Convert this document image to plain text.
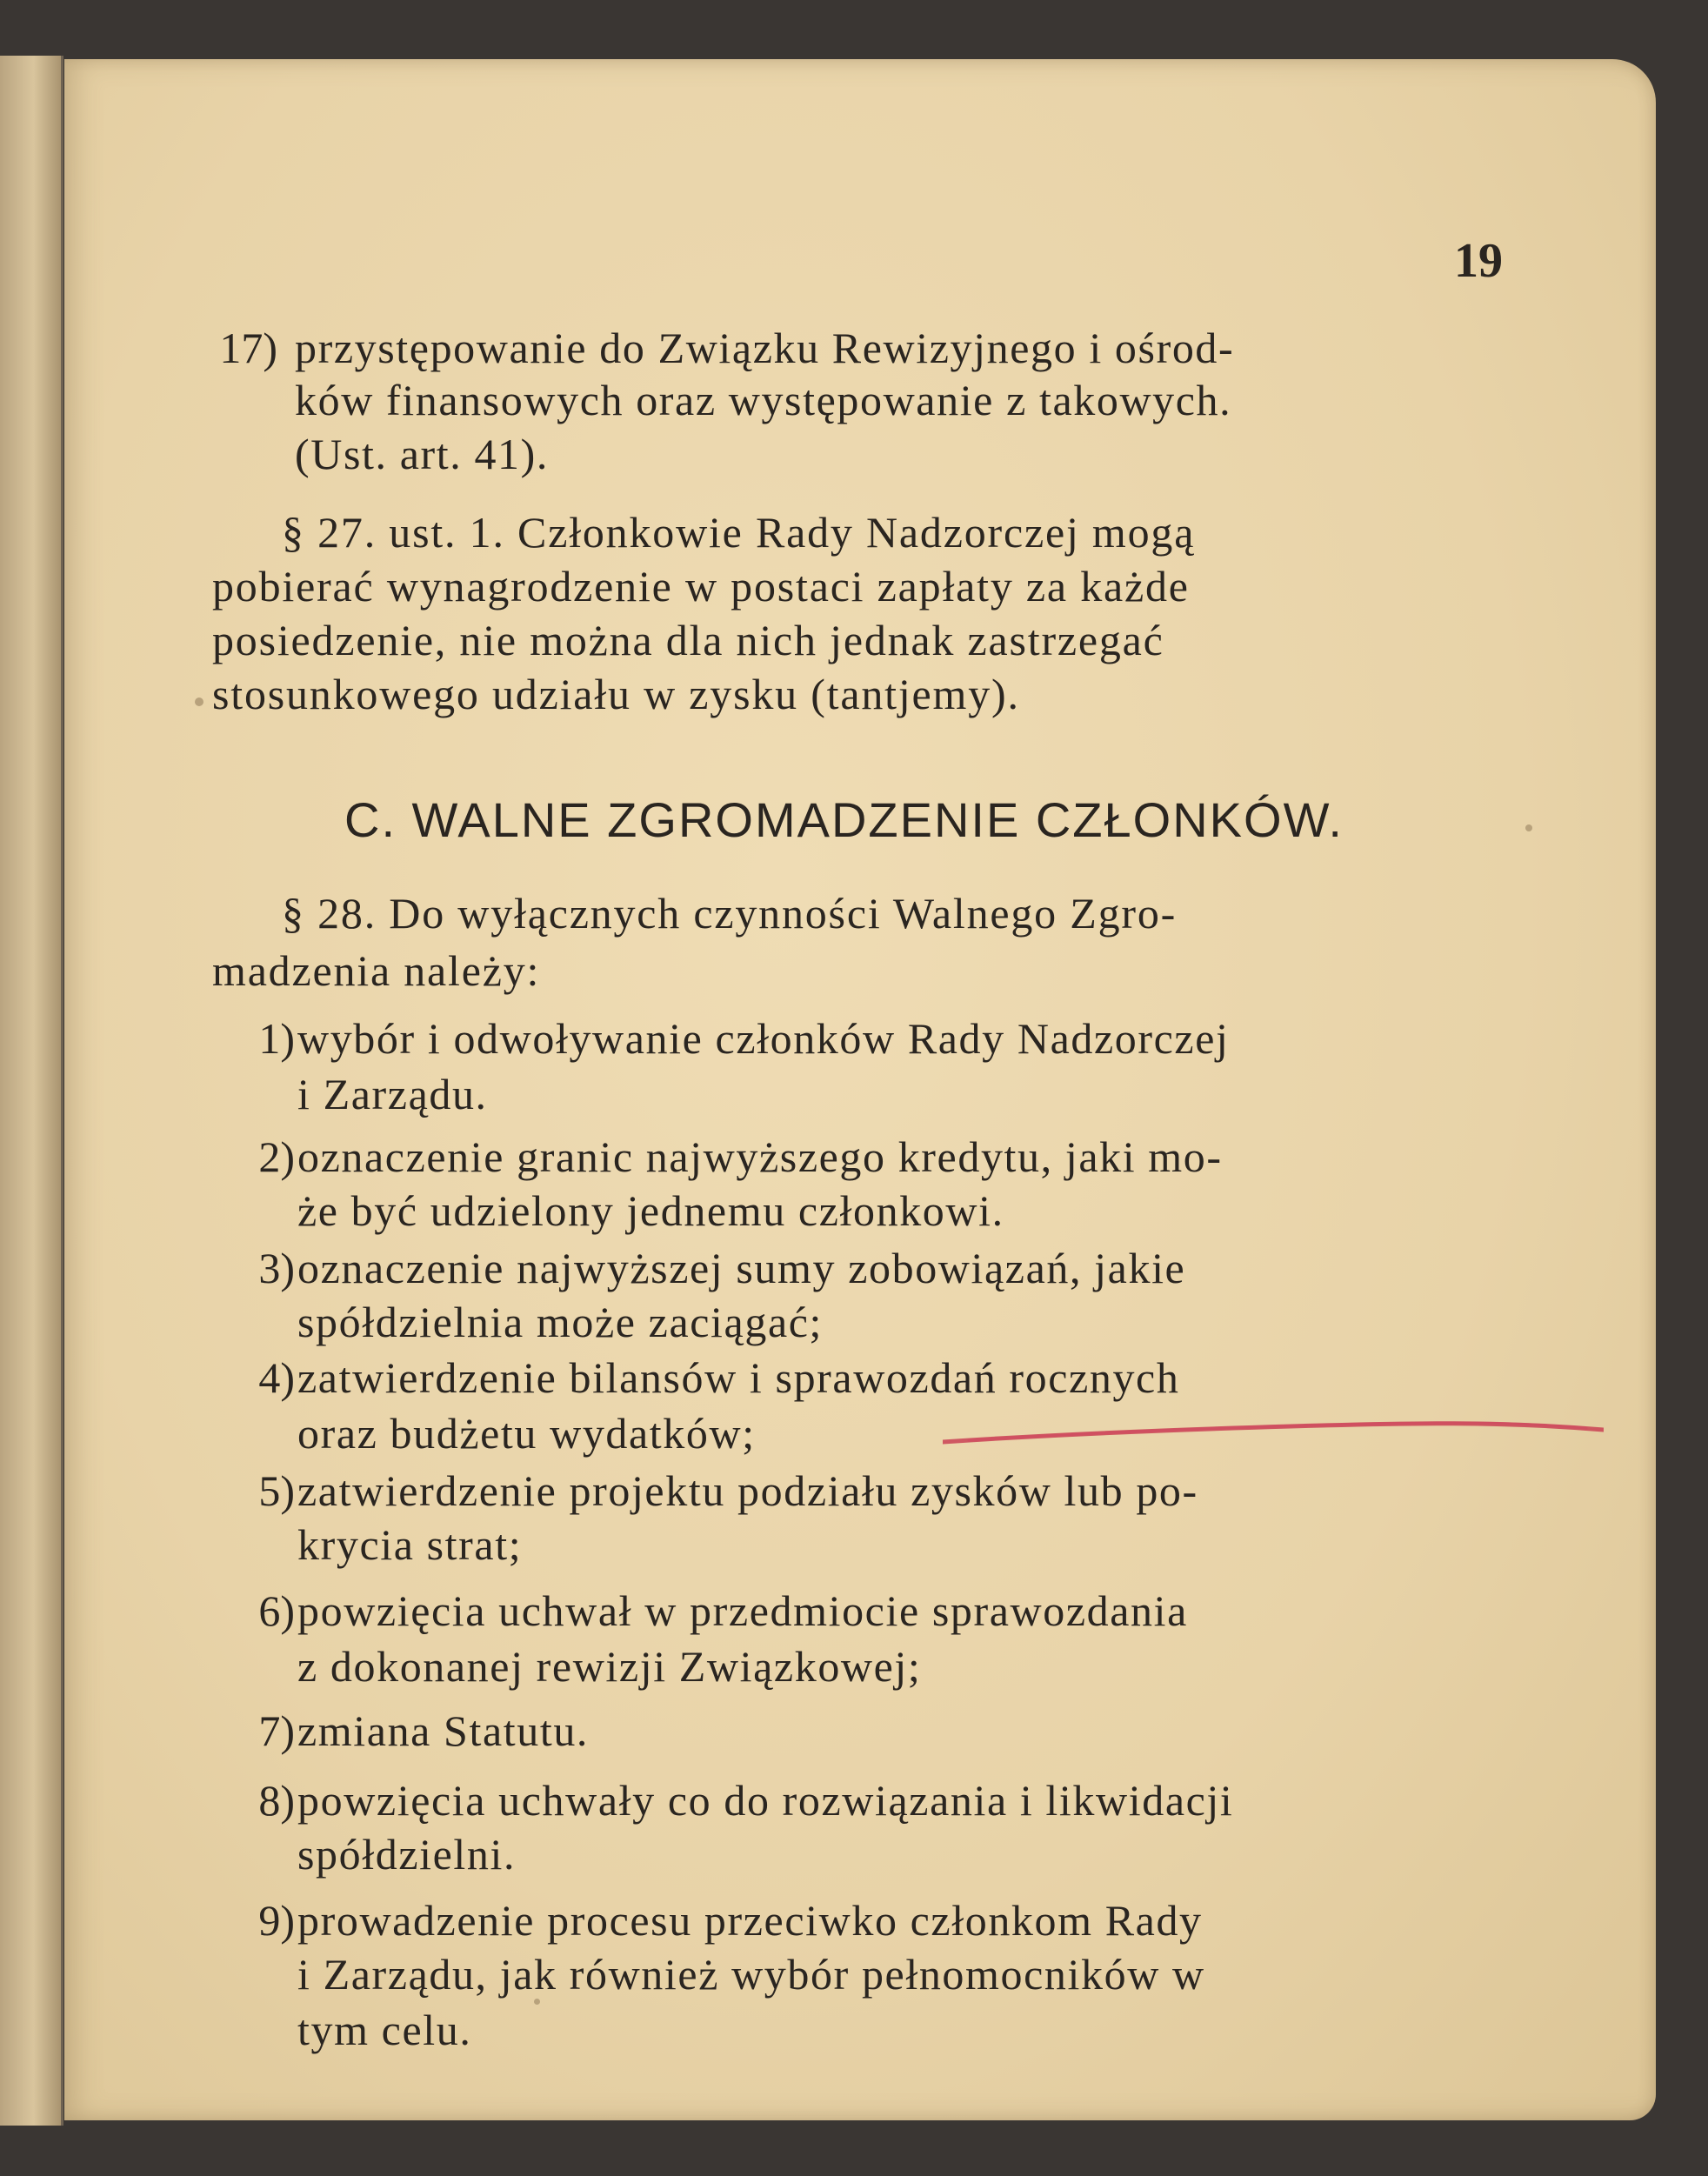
19
17) przystępowanie do Związku Rewizyjnego i ośrod-
ków finansowych oraz występowanie z takowych.
(Ust. art. 41).
§ 27. ust. 1. Członkowie Rady Nadzorczej mogą
pobierać wynagrodzenie w postaci zapłaty za każde
posiedzenie, nie można dla nich jednak zastrzegać
stosunkowego udziału w zysku (tantjemy).
C. WALNE ZGROMADZENIE CZŁONKÓW.
§ 28. Do wyłącznych czynności Walnego Zgro-
madzenia należy:
1) wybór i odwoływanie członków Rady Nadzorczej
i Zarządu.
2) oznaczenie granic najwyższego kredytu, jaki mo-
że być udzielony jednemu członkowi.
3) oznaczenie najwyższej sumy zobowiązań, jakie
spółdzielnia może zaciągać;
4) zatwierdzenie bilansów i sprawozdań rocznych
oraz budżetu wydatków;
5) zatwierdzenie projektu podziału zysków lub po-
krycia strat;
6) powzięcia uchwał w przedmiocie sprawozdania
z dokonanej rewizji Związkowej;
7) zmiana Statutu.
8) powzięcia uchwały co do rozwiązania i likwidacji
spółdzielni.
9) prowadzenie procesu przeciwko członkom Rady
i Zarządu, jak również wybór pełnomocników w
tym celu.
